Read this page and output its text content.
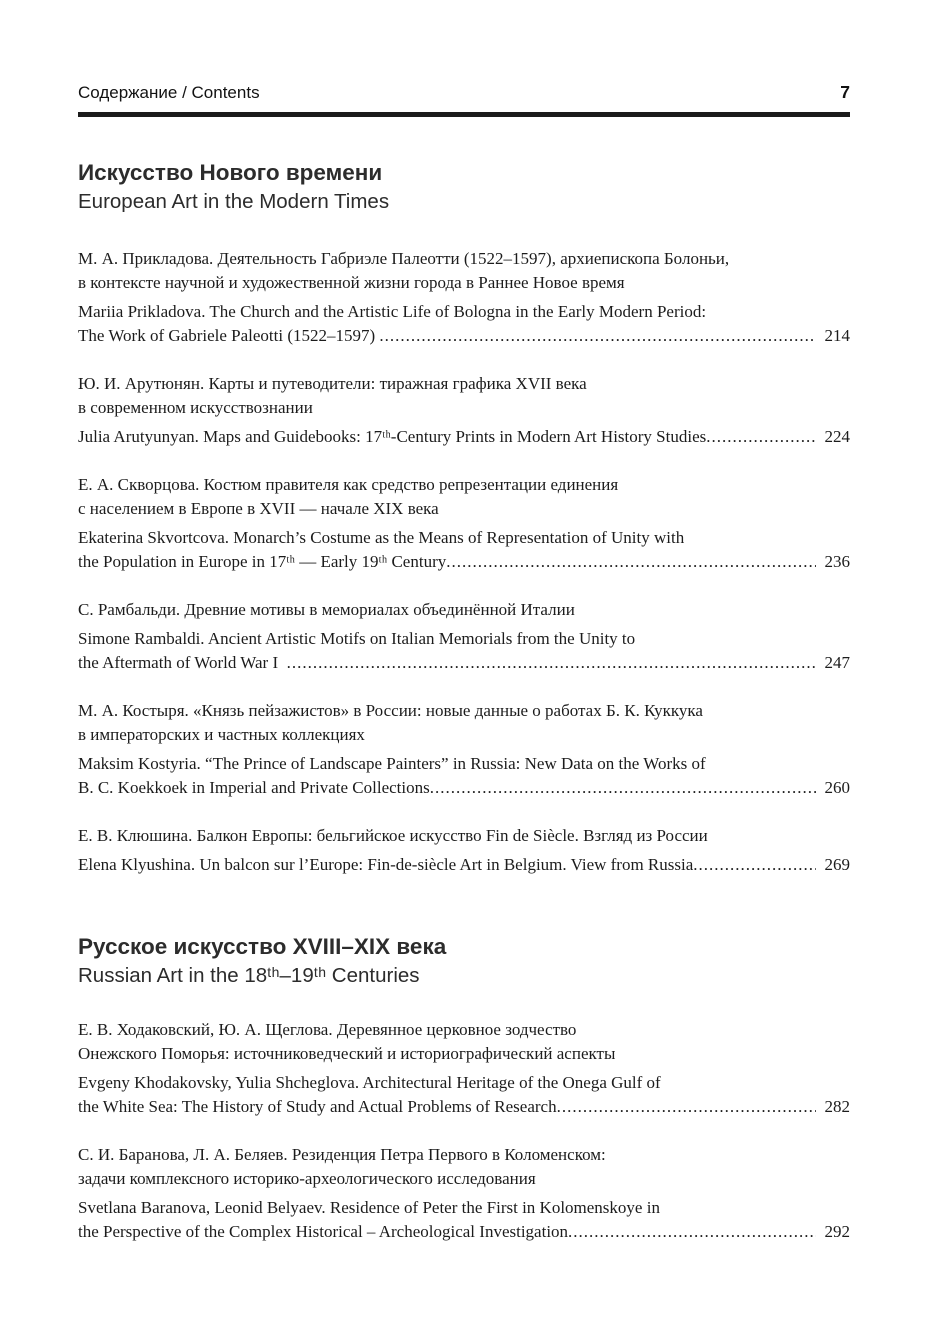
Содержание / Contents	7
Искусство Нового времени
European Art in the Modern Times
М. А. Прикладова. Деятельность Габриэле Палеотти (1522–1597), архиепископа Болоньи,
в контексте научной и художественной жизни города в Раннее Новое время
Mariia Prikladova. The Church and the Artistic Life of Bologna in the Early Modern Period:
The Work of Gabriele Paleotti (1522–1597) .....	214
Ю. И. Арутюнян. Карты и путеводители: тиражная графика XVII века
в современном искусствознании
Julia Arutyunyan. Maps and Guidebooks: 17ᵗʰ-Century Prints in Modern Art History Studies .....	224
Е. А. Скворцова. Костюм правителя как средство репрезентации единения
с населением в Европе в XVII — начале XIX века
Ekaterina Skvortcova. Monarch’s Costume as the Means of Representation of Unity with
the Population in Europe in 17ᵗʰ — Early 19ᵗʰ Century .....	236
С. Рамбальди. Древние мотивы в мемориалах объединённой Италии
Simone Rambaldi. Ancient Artistic Motifs on Italian Memorials from the Unity to
the Aftermath of World War I .....	247
М. А. Костыря. «Князь пейзажистов» в России: новые данные о работах Б. К. Куккука
в императорских и частных коллекциях
Maksim Kostyria. “The Prince of Landscape Painters” in Russia: New Data on the Works of
B. C. Koekkoek in Imperial and Private Collections .....	260
Е. В. Клюшина. Балкон Европы: бельгийское искусство Fin de Siècle. Взгляд из России
Elena Klyushina. Un balcon sur l’Europe: Fin-de-siècle Art in Belgium. View from Russia .....	269
Русское искусство XVIII–XIX века
Russian Art in the 18ᵗʰ–19ᵗʰ Centuries
Е. В. Ходаковский, Ю. А. Щеглова. Деревянное церковное зодчество
Онежского Поморья: источниковедческий и историографический аспекты
Evgeny Khodakovsky, Yulia Shcheglova. Architectural Heritage of the Onega Gulf of
the White Sea: The History of Study and Actual Problems of Research .....	282
С. И. Баранова, Л. А. Беляев. Резиденция Петра Первого в Коломенском:
задачи комплексного историко-археологического исследования
Svetlana Baranova, Leonid Belyaev. Residence of Peter the First in Kolomenskoye in
the Perspective of the Complex Historical – Archeological Investigation .....	292
